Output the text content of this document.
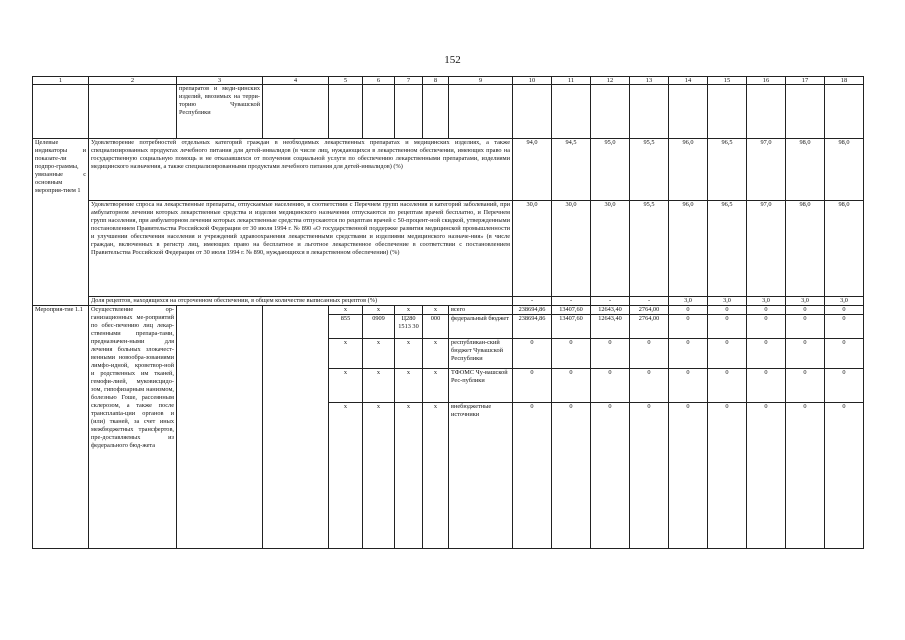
152
1	2	3	4	5	6	7	8	9	10	11	12	13	14	15	16	17	18
		препаратов и меди-цинских изделий, ввозимых на терри-торию Чувашской Республики															
Целевые индикаторы и показате-ли подпро-граммы, увязанные с основным мероприя-тием 1	Удовлетворение потребностей отдельных категорий граждан в необходимых лекарственных препаратах и медицинских изделиях, а также специализированных продуктах лечебного питания для детей-инвалидов (в числе лиц, нуждающихся в лекарственном обеспечении, имеющих право на государственную социальную помощь и не отказавшихся от получения социальной услуги по обеспечению лекарственными препаратами, изделиями медицинского назначения, а также специализированными продуктами лечебного питания для детей-инвалидов) (%)								94,0	94,5	95,0	95,5	96,0	96,5	97,0	98,0	98,0
	Удовлетворение спроса на лекарственные препараты, отпускаемые населению, в соответствии с Перечнем групп населения и категорий заболеваний, при амбулаторном лечении которых лекарственные средства и изделия медицинского назначения отпускаются по рецептам врачей бесплатно, и Перечнем групп населения, при амбулаторном лечении которых лекарственные средства отпускаются по рецептам врачей с 50-процент-ной скидкой, утвержденными постановлением Правительства Российской Федерации от 30 июля 1994 г. № 890 «О государственной поддержке развития медицинской промышленности и улучшении обеспечения населения и учреждений здравоохранения лекарственными средствами и изделиями медицинского назначе-ния» (в числе граждан, включенных в регистр лиц, имеющих право на бесплатное и льготное лекарственное обеспечение в соответствии с постановлением Правительства Российской Федерации от 30 июля 1994 г. № 890, нуждающихся в лекарственном обеспечении) (%)								30,0	30,0	30,0	95,5	96,0	96,5	97,0	98,0	98,0
	Доля рецептов, находящихся на отсроченном обеспечении, в общем количестве выписанных рецептов (%)								-	-	-	-	3,0	3,0	3,0	3,0	3,0
Мероприя-тие 1.1	Осуществление ор-ганизационных ме-роприятий по обес-печению лиц лекар-ственными препара-тами, предназначен-ными для лечения больных злокачест-венными новообра-зованиями лимфо-идной, кроветвор-ной и родственных им тканей, гемофи-лией, муковисцидо-зом, гипофизарным нанизмом, болезнью Гоше, рассеянным склерозом, а также после трансплanta-ции органов и (или) тканей, за счет иных межбюджетных трансфертов, пре-доставляемых из федерального бюд-жета			x	x	x	x	всего	238694,86	13407,60	12643,40	2764,00	0	0	0	0	0
				855	0909	Ц280 1513 30	000	федеральный бюджет	238694,86	13407,60	12643,40	2764,00	0	0	0	0	0
				x	x	x	x	республикан-ский бюджет Чувашской Республики	0	0	0	0	0	0	0	0	0
				x	x	x	x	ТФОМС Чу-вашской Рес-публики	0	0	0	0	0	0	0	0	0
				x	x	x	x	внебюджетные источники	0	0	0	0	0	0	0	0	0
